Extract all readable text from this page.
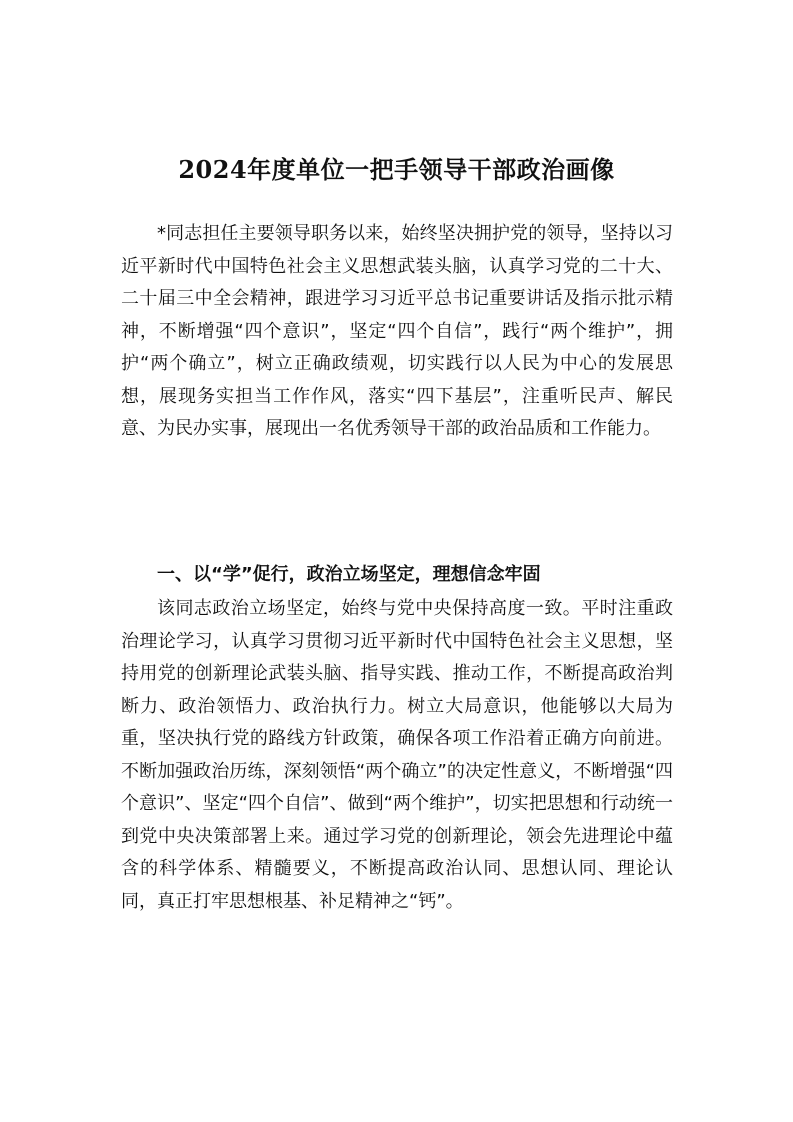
2024年度单位一把手领导干部政治画像

*同志担任主要领导职务以来，始终坚决拥护党的领导，坚持以习近平新时代中国特色社会主义思想武装头脑，认真学习党的二十大、二十届三中全会精神，跟进学习习近平总书记重要讲话及指示批示精神，不断增强“四个意识”，坚定“四个自信”，践行“两个维护”，拥护“两个确立”，树立正确政绩观，切实践行以人民为中心的发展思想，展现务实担当工作作风，落实“四下基层”，注重听民声、解民意、为民办实事，展现出一名优秀领导干部的政治品质和工作能力。

一、以“学”促行，政治立场坚定，理想信念牢固

该同志政治立场坚定，始终与党中央保持高度一致。平时注重政治理论学习，认真学习贯彻习近平新时代中国特色社会主义思想，坚持用党的创新理论武装头脑、指导实践、推动工作，不断提高政治判断力、政治领悟力、政治执行力。树立大局意识，他能够以大局为重，坚决执行党的路线方针政策，确保各项工作沿着正确方向前进。不断加强政治历练，深刻领悟“两个确立”的决定性意义，不断增强“四个意识”、坚定“四个自信”、做到“两个维护”，切实把思想和行动统一到党中央决策部署上来。通过学习党的创新理论，领会先进理论中蕴含的科学体系、精髓要义，不断提高政治认同、思想认同、理论认同，真正打牢思想根基、补足精神之“钙”。
